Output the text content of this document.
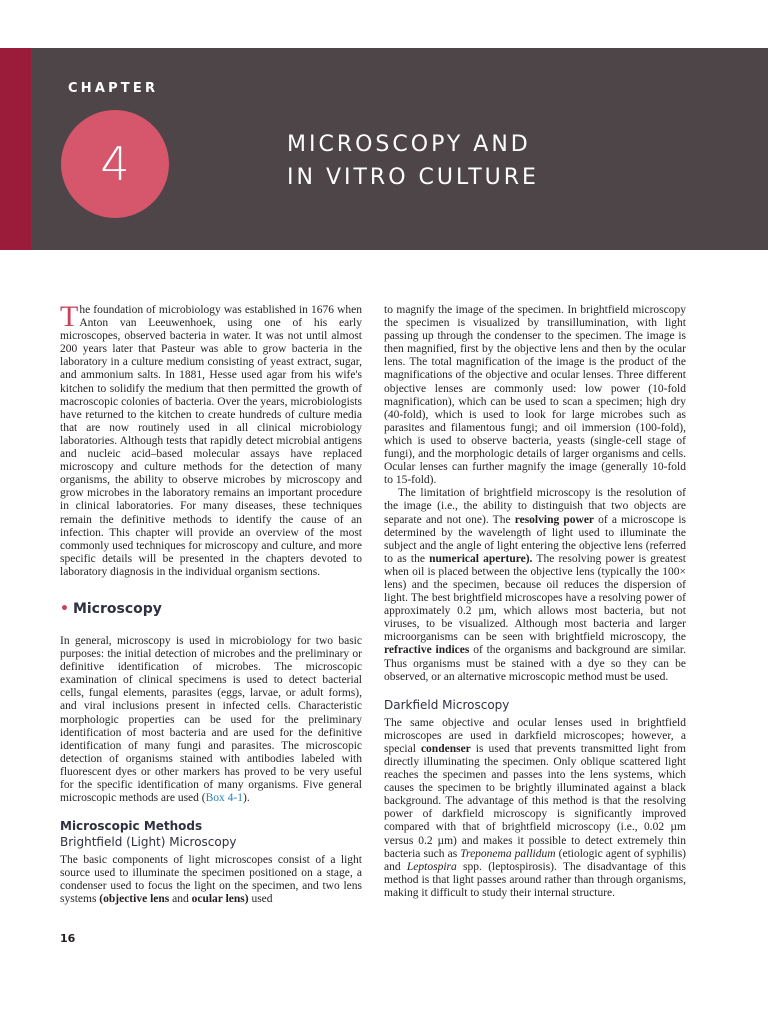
CHAPTER
4	MICROSCOPY AND
IN VITRO CULTURE

The foundation of microbiology was established in 1676 when Anton van Leeuwenhoek, using one of his early microscopes, observed bacteria in water. It was not until almost 200 years later that Pasteur was able to grow bacteria in the laboratory in a culture medium consisting of yeast extract, sugar, and ammonium salts. In 1881, Hesse used agar from his wife's kitchen to solidify the medium that then permitted the growth of macroscopic colonies of bacteria. Over the years, microbiologists have returned to the kitchen to create hundreds of culture media that are now routinely used in all clinical microbiology laboratories. Although tests that rapidly detect microbial antigens and nucleic acid–based molecular assays have replaced microscopy and culture methods for the detection of many organisms, the ability to observe microbes by microscopy and grow microbes in the laboratory remains an important procedure in clinical laboratories. For many diseases, these techniques remain the definitive methods to identify the cause of an infection. This chapter will provide an overview of the most commonly used techniques for microscopy and culture, and more specific details will be presented in the chapters devoted to laboratory diagnosis in the individual organism sections.

• Microscopy

In general, microscopy is used in microbiology for two basic purposes: the initial detection of microbes and the preliminary or definitive identification of microbes. The microscopic examination of clinical specimens is used to detect bacterial cells, fungal elements, parasites (eggs, larvae, or adult forms), and viral inclusions present in infected cells. Characteristic morphologic properties can be used for the preliminary identification of most bacteria and are used for the definitive identification of many fungi and parasites. The microscopic detection of organisms stained with antibodies labeled with fluorescent dyes or other markers has proved to be very useful for the specific identification of many organisms. Five general microscopic methods are used (Box 4-1).

Microscopic Methods
Brightfield (Light) Microscopy

The basic components of light microscopes consist of a light source used to illuminate the specimen positioned on a stage, a condenser used to focus the light on the specimen, and two lens systems (objective lens and ocular lens) used

to magnify the image of the specimen. In brightfield microscopy the specimen is visualized by transillumination, with light passing up through the condenser to the specimen. The image is then magnified, first by the objective lens and then by the ocular lens. The total magnification of the image is the product of the magnifications of the objective and ocular lenses. Three different objective lenses are commonly used: low power (10-fold magnification), which can be used to scan a specimen; high dry (40-fold), which is used to look for large microbes such as parasites and filamentous fungi; and oil immersion (100-fold), which is used to observe bacteria, yeasts (single-cell stage of fungi), and the morphologic details of larger organisms and cells. Ocular lenses can further magnify the image (generally 10-fold to 15-fold).

The limitation of brightfield microscopy is the resolution of the image (i.e., the ability to distinguish that two objects are separate and not one). The resolving power of a microscope is determined by the wavelength of light used to illuminate the subject and the angle of light entering the objective lens (referred to as the numerical aperture). The resolving power is greatest when oil is placed between the objective lens (typically the 100× lens) and the specimen, because oil reduces the dispersion of light. The best brightfield microscopes have a resolving power of approximately 0.2 µm, which allows most bacteria, but not viruses, to be visualized. Although most bacteria and larger microorganisms can be seen with brightfield microscopy, the refractive indices of the organisms and background are similar. Thus organisms must be stained with a dye so they can be observed, or an alternative microscopic method must be used.

Darkfield Microscopy

The same objective and ocular lenses used in brightfield microscopes are used in darkfield microscopes; however, a special condenser is used that prevents transmitted light from directly illuminating the specimen. Only oblique scattered light reaches the specimen and passes into the lens systems, which causes the specimen to be brightly illuminated against a black background. The advantage of this method is that the resolving power of darkfield microscopy is significantly improved compared with that of brightfield microscopy (i.e., 0.02 µm versus 0.2 µm) and makes it possible to detect extremely thin bacteria such as Treponema pallidum (etiologic agent of syphilis) and Leptospira spp. (leptospirosis). The disadvantage of this method is that light passes around rather than through organisms, making it difficult to study their internal structure.

16
